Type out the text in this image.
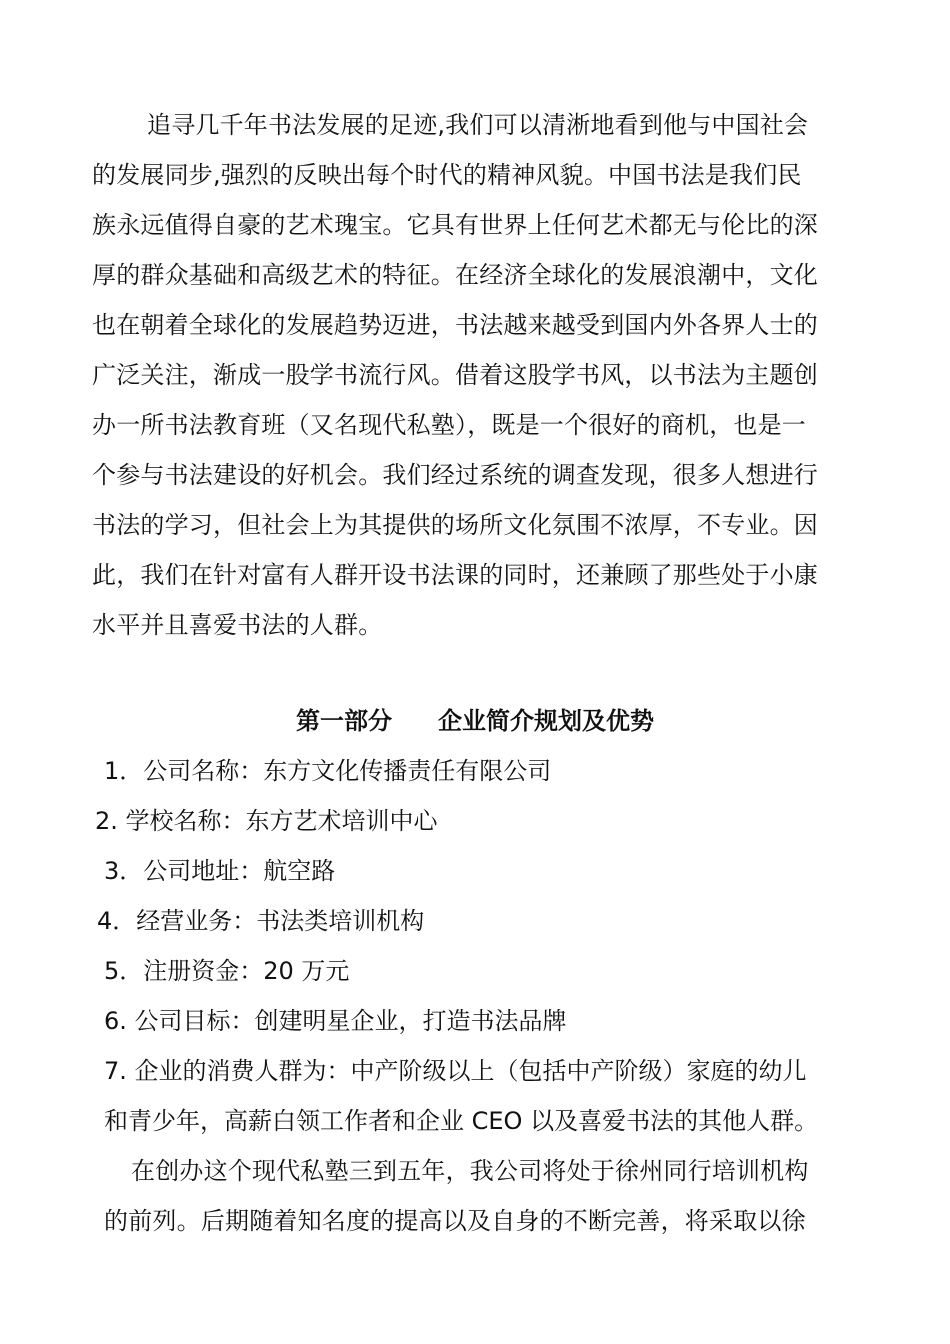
追寻几千年书法发展的足迹,我们可以清淅地看到他与中国社会
的发展同步,强烈的反映出每个时代的精神风貌。中国书法是我们民
族永远值得自豪的艺术瑰宝。它具有世界上任何艺术都无与伦比的深
厚的群众基础和高级艺术的特征。在经济全球化的发展浪潮中，文化
也在朝着全球化的发展趋势迈进，书法越来越受到国内外各界人士的
广泛关注，渐成一股学书流行风。借着这股学书风，以书法为主题创
办一所书法教育班（又名现代私塾），既是一个很好的商机，也是一
个参与书法建设的好机会。我们经过系统的调查发现，很多人想进行
书法的学习，但社会上为其提供的场所文化氛围不浓厚，不专业。因
此，我们在针对富有人群开设书法课的同时，还兼顾了那些处于小康
水平并且喜爱书法的人群。
第一部分 企业简介规划及优势
1．公司名称：东方文化传播责任有限公司
2. 学校名称：东方艺术培训中心
3．公司地址：航空路
4．经营业务：书法类培训机构
5．注册资金：20 万元
6. 公司目标：创建明星企业，打造书法品牌
7. 企业的消费人群为：中产阶级以上（包括中产阶级）家庭的幼儿
和青少年，高薪白领工作者和企业 CEO 以及喜爱书法的其他人群。
在创办这个现代私塾三到五年，我公司将处于徐州同行培训机构
的前列。后期随着知名度的提高以及自身的不断完善，将采取以徐
